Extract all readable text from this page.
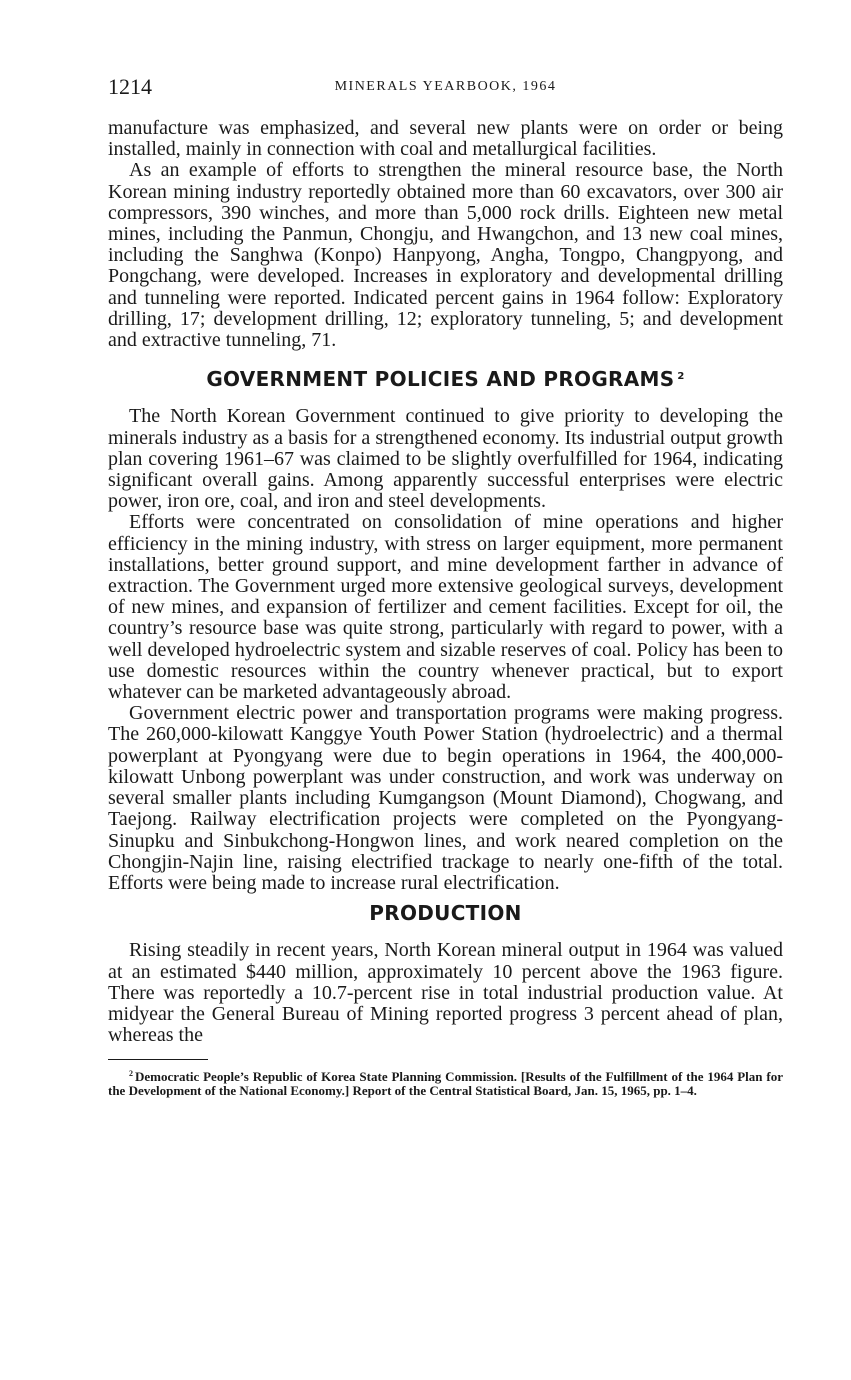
1214	MINERALS YEARBOOK, 1964

manufacture was emphasized, and several new plants were on order or being installed, mainly in connection with coal and metallurgical facilities.

As an example of efforts to strengthen the mineral resource base, the North Korean mining industry reportedly obtained more than 60 excavators, over 300 air compressors, 390 winches, and more than 5,000 rock drills. Eighteen new metal mines, including the Panmun, Chongju, and Hwangchon, and 13 new coal mines, including the Sanghwa (Konpo) Hanpyong, Angha, Tongpo, Changpyong, and Pongchang, were developed. Increases in exploratory and developmental drilling and tunneling were reported. Indicated percent gains in 1964 follow: Exploratory drilling, 17; development drilling, 12; exploratory tunneling, 5; and development and extractive tunneling, 71.

GOVERNMENT POLICIES AND PROGRAMS $^2$

The North Korean Government continued to give priority to developing the minerals industry as a basis for a strengthened economy. Its industrial output growth plan covering 1961–67 was claimed to be slightly overfulfilled for 1964, indicating significant overall gains. Among apparently successful enterprises were electric power, iron ore, coal, and iron and steel developments.

Efforts were concentrated on consolidation of mine operations and higher efficiency in the mining industry, with stress on larger equipment, more permanent installations, better ground support, and mine development farther in advance of extraction. The Government urged more extensive geological surveys, development of new mines, and expansion of fertilizer and cement facilities. Except for oil, the country’s resource base was quite strong, particularly with regard to power, with a well developed hydroelectric system and sizable reserves of coal. Policy has been to use domestic resources within the country whenever practical, but to export whatever can be marketed advantageously abroad.

Government electric power and transportation programs were making progress. The 260,000-kilowatt Kanggye Youth Power Station (hydroelectric) and a thermal powerplant at Pyongyang were due to begin operations in 1964, the 400,000-kilowatt Unbong powerplant was under construction, and work was underway on several smaller plants including Kumgangson (Mount Diamond), Chogwang, and Taejong. Railway electrification projects were completed on the Pyongyang-Sinupku and Sinbukchong-Hongwon lines, and work neared completion on the Chongjin-Najin line, raising electrified trackage to nearly one-fifth of the total. Efforts were being made to increase rural electrification.

PRODUCTION

Rising steadily in recent years, North Korean mineral output in 1964 was valued at an estimated $440 million, approximately 10 percent above the 1963 figure. There was reportedly a 10.7-percent rise in total industrial production value. At midyear the General Bureau of Mining reported progress 3 percent ahead of plan, whereas the

$^2$ Democratic People’s Republic of Korea State Planning Commission. [Results of the Fulfillment of the 1964 Plan for the Development of the National Economy.] Report of the Central Statistical Board, Jan. 15, 1965, pp. 1–4.
